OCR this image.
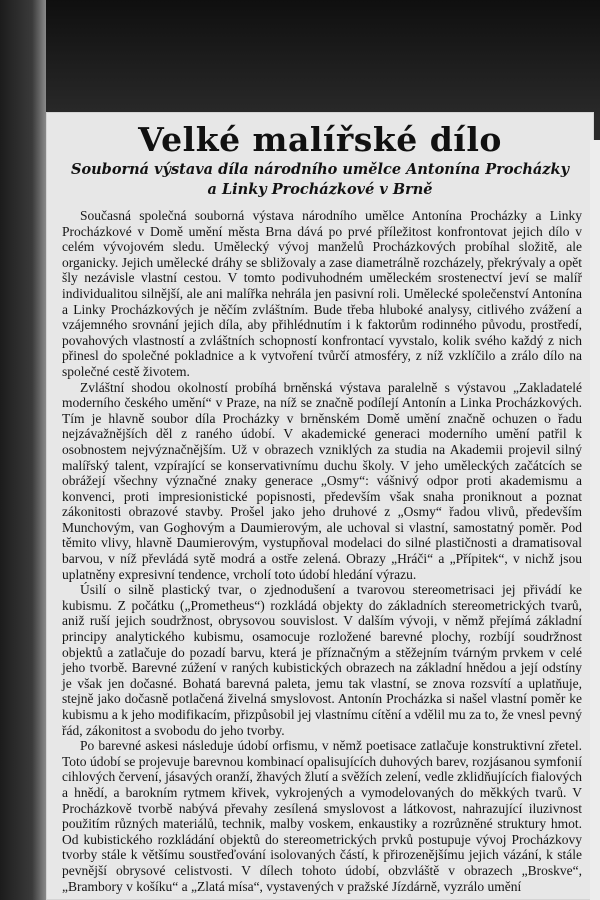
Velké malířské dílo
Souborná výstava díla národního umělce Antonína Procházky a Linky Procházkové v Brně

Současná společná souborná výstava národního umělce Antonína Procházky a Linky Procházkové v Domě umění města Brna dává po prvé příležitost konfrontovat jejich dílo v celém vývojovém sledu. Umělecký vývoj manželů Procházkových probíhal složitě, ale organicky. Jejich umělecké dráhy se sbližovaly a zase diametrálně rozcházely, překrývaly a opět šly nezávisle vlastní cestou. V tomto podivuhodném uměleckém srostenectví jeví se malíř individualitou silnější, ale ani malířka nehrála jen pasivní roli. Umělecké společenství Antonína a Linky Procházkových je něčím zvláštním. Bude třeba hluboké analysy, citlivého zvážení a vzájemného srovnání jejich díla, aby přihlédnutím i k faktorům rodinného původu, prostředí, povahových vlastností a zvláštních schopností konfrontací vyvstalo, kolik svého každý z nich přinesl do společné pokladnice a k vytvoření tvůrčí atmosféry, z níž vzklíčilo a zrálo dílo na společné cestě životem.

Zvláštní shodou okolností probíhá brněnská výstava paralelně s výstavou „Zakladatelé moderního českého umění“ v Praze, na níž se značně podílejí Antonín a Linka Procházkových. Tím je hlavně soubor díla Procházky v brněnském Domě umění značně ochuzen o řadu nejzávažnějších děl z raného údobí. V akademické generaci moderního umění patřil k osobnostem nejvýznačnějším. Už v obrazech vzniklých za studia na Akademii projevil silný malířský talent, vzpírající se konservativnímu duchu školy. V jeho uměleckých začátcích se obrážejí všechny význačné znaky generace „Osmy“: vášnivý odpor proti akademismu a konvenci, proti impresionistické popisnosti, především však snaha proniknout a poznat zákonitosti obrazové stavby. Prošel jako jeho druhové z „Osmy“ řadou vlivů, především Munchovým, van Goghovým a Daumierovým, ale uchoval si vlastní, samostatný poměr. Pod těmito vlivy, hlavně Daumierovým, vystupňoval modelaci do silné plastičnosti a dramatisoval barvou, v níž převládá sytě modrá a ostře zelená. Obrazy „Hráči“ a „Přípitek“, v nichž jsou uplatněny expresivní tendence, vrcholí toto údobí hledání výrazu.

Úsilí o silně plastický tvar, o zjednodušení a tvarovou stereometrisaci jej přivádí ke kubismu. Z počátku („Prometheus“) rozkládá objekty do základních stereometrických tvarů, aniž ruší jejich soudržnost, obrysovou souvislost. V dalším vývoji, v němž přejímá základní principy analytického kubismu, osamocuje rozložené barevné plochy, rozbíjí soudržnost objektů a zatlačuje do pozadí barvu, která je příznačným a stěžejním tvárným prvkem v celé jeho tvorbě. Barevné zúžení v raných kubistických obrazech na základní hnědou a její odstíny je však jen dočasné. Bohatá barevná paleta, jemu tak vlastní, se znova rozsvítí a uplatňuje, stejně jako dočasně potlačená živelná smyslovost. Antonín Procházka si našel vlastní poměr ke kubismu a k jeho modifikacím, přizpůsobil jej vlastnímu cítění a vdělil mu za to, že vnesl pevný řád, zákonitost a svobodu do jeho tvorby.

Po barevné askesi následuje údobí orfismu, v němž poetisace zatlačuje konstruktivní zřetel. Toto údobí se projevuje barevnou kombinací opalisujících duhových barev, rozjásanou symfonií cihlových červení, jásavých oranží, žhavých žlutí a svěžích zelení, vedle zklidňujících fialových a hnědí, a barokním rytmem křivek, vykrojených a vymodelovaných do měkkých tvarů. V Procházkově tvorbě nabývá převahy zesílená smyslovost a látkovost, nahrazující iluzivnost použitím různých materiálů, technik, malby voskem, enkaustiky a rozrůzněné struktury hmot. Od kubistického rozkládání objektů do stereometrických prvků postupuje vývoj Procházkovy tvorby stále k většímu soustřeďování isolovaných částí, k přirozenějšímu jejich vázání, k stále pevnější obrysové celistvosti. V dílech tohoto údobí, obzvláště v obrazech „Broskve“, „Brambory v košíku“ a „Zlatá mísa“, vystavených v pražské Jízdárně, vyzrálo umění
